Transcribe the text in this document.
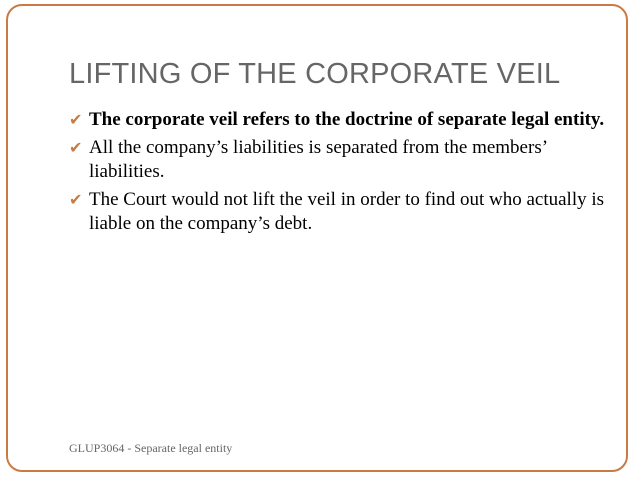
LIFTING OF THE CORPORATE VEIL
✔ The corporate veil refers to the doctrine of separate legal entity.
✔ All the company’s liabilities is separated from the members’ liabilities.
✔ The Court would not lift the veil in order to find out who actually is liable on the company’s debt.
GLUP3064 - Separate legal entity
